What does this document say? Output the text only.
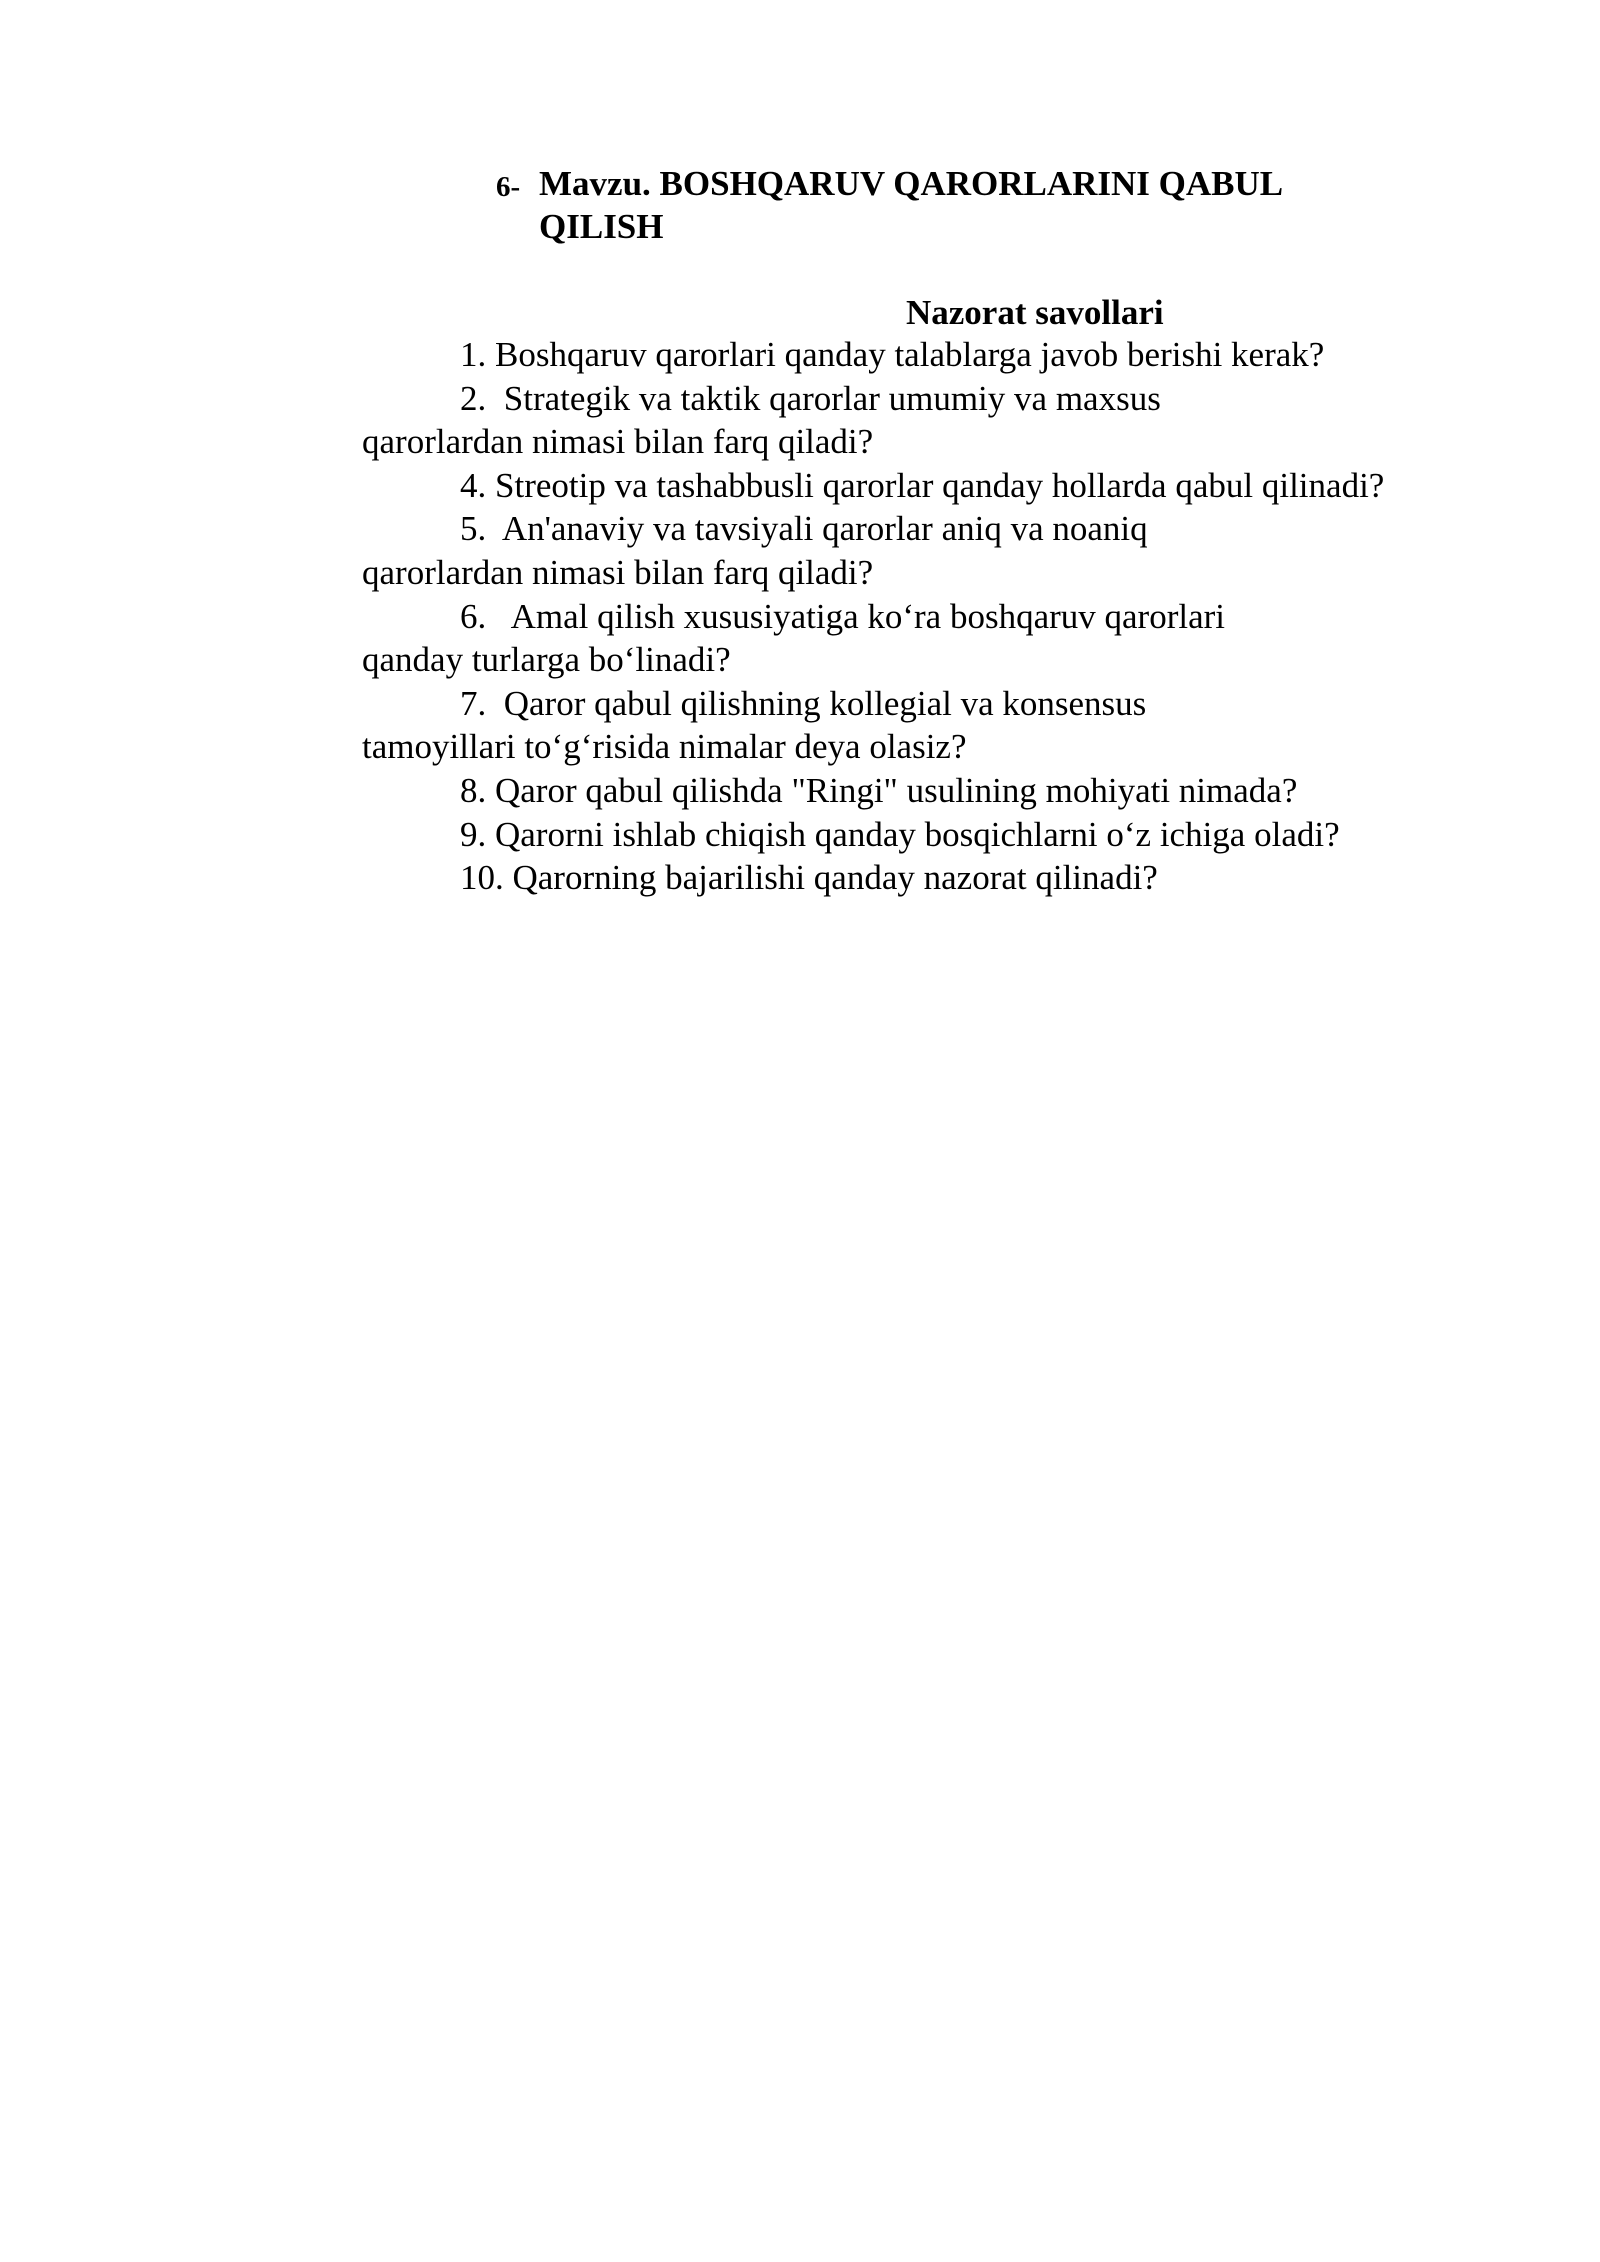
6- Mavzu. BOSHQARUV QARORLARINI QABUL
QILISH
Nazorat savollari

1. Boshqaruv qarorlari qanday talablarga javob berishi kerak?

2.  Strategik va taktik qarorlar umumiy va maxsus
qarorlardan nimasi bilan farq qiladi?

4. Streotip va tashabbusli qarorlar qanday hollarda qabul qilinadi?

5.  An'anaviy va tavsiyali qarorlar aniq va noaniq
qarorlardan nimasi bilan farq qiladi?

6.   Amal qilish xususiyatiga ko‘ra boshqaruv qarorlari
qanday turlarga bo‘linadi?

7.  Qaror qabul qilishning kollegial va konsensus
tamoyillari to‘g‘risida nimalar deya olasiz?

8. Qaror qabul qilishda "Ringi" usulining mohiyati nimada?

9. Qarorni ishlab chiqish qanday bosqichlarni o‘z ichiga oladi?

10. Qarorning bajarilishi qanday nazorat qilinadi?
